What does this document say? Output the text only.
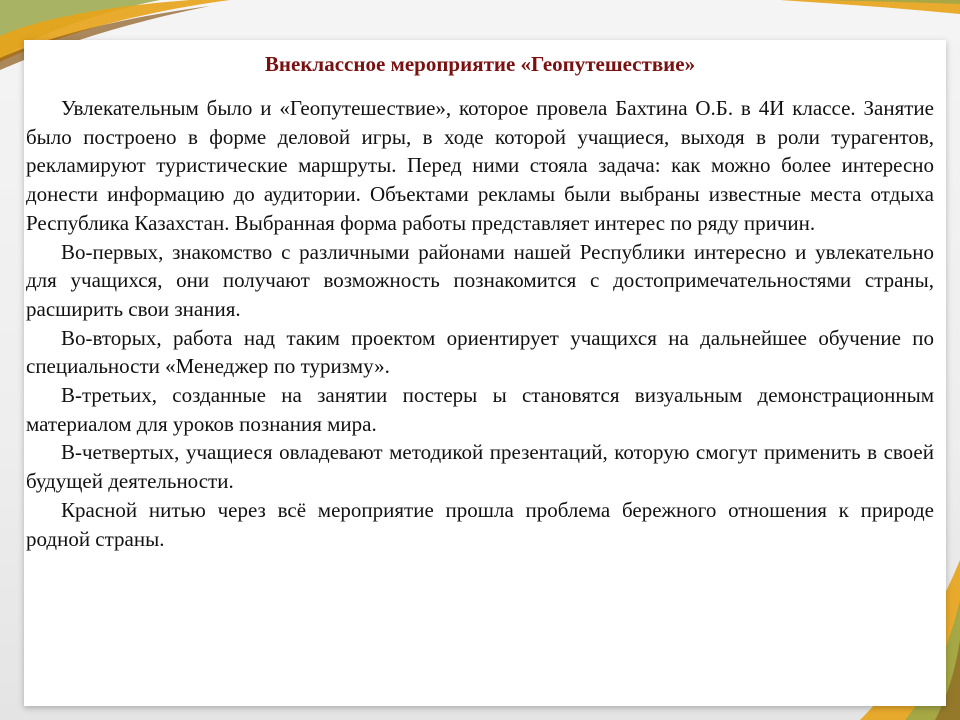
Внеклассное мероприятие «Геопутешествие»

Увлекательным было и «Геопутешествие», которое провела Бахтина О.Б. в 4И классе. Занятие было построено в форме деловой игры, в ходе которой учащиеся, выходя в роли турагентов, рекламируют туристические маршруты. Перед ними стояла задача: как можно более интересно донести информацию до аудитории. Объектами рекламы были выбраны известные места отдыха Республика Казахстан. Выбранная форма работы представляет интерес по ряду причин.

Во-первых, знакомство с различными районами нашей Республики интересно и увлекательно для учащихся, они получают возможность познакомится с достопримечательностями страны, расширить свои знания.

Во-вторых, работа над таким проектом ориентирует учащихся на дальнейшее обучение по специальности «Менеджер по туризму».

В-третьих, созданные на занятии постеры ы становятся визуальным демонстрационным материалом для уроков познания мира.

В-четвертых, учащиеся овладевают методикой презентаций, которую смогут применить в своей будущей деятельности.

Красной нитью через всё мероприятие прошла проблема бережного отношения к природе родной страны.
